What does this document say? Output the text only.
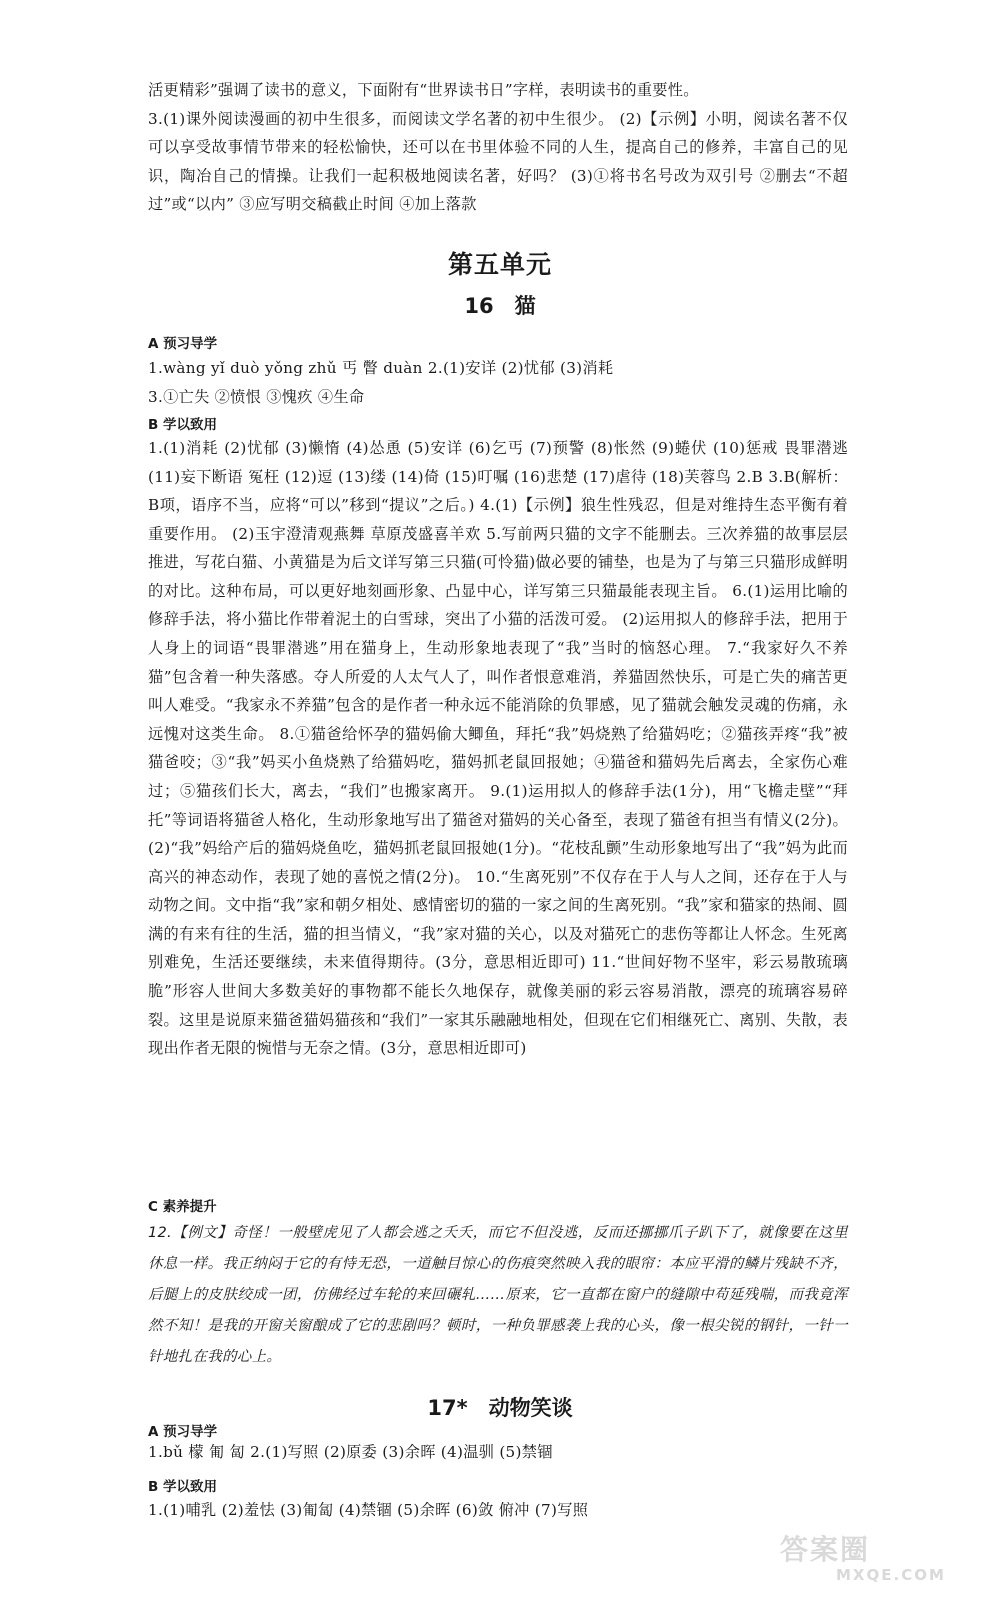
活更精彩”强调了读书的意义，下面附有“世界读书日”字样，表明读书的重要性。
3.(1)课外阅读漫画的初中生很多，而阅读文学名著的初中生很少。 (2)【示例】小明，阅读名著不仅可以享受故事情节带来的轻松愉快，还可以在书里体验不同的人生，提高自己的修养，丰富自己的见识，陶冶自己的情操。让我们一起积极地阅读名著，好吗？ (3)①将书名号改为双引号 ②删去“不超过”或“以内” ③应写明交稿截止时间 ④加上落款

第五单元
16　猫
A 预习导学

1.wàng yǐ duò yǒng zhǔ 丐 瞥 duàn 2.(1)安详 (2)忧郁 (3)消耗
3.①亡失 ②愤恨 ③愧疚 ④生命

B 学以致用

1.(1)消耗 (2)忧郁 (3)懒惰 (4)怂恿 (5)安详 (6)乞丐 (7)预警 (8)怅然 (9)蜷伏 (10)惩戒 畏罪潜逃 (11)妄下断语 冤枉 (12)逗 (13)缕 (14)倚 (15)叮嘱 (16)悲楚 (17)虐待 (18)芙蓉鸟 2.B 3.B(解析：B项，语序不当，应将“可以”移到“提议”之后。) 4.(1)【示例】狼生性残忍，但是对维持生态平衡有着重要作用。 (2)玉宇澄清观燕舞 草原茂盛喜羊欢 5.写前两只猫的文字不能删去。三次养猫的故事层层推进，写花白猫、小黄猫是为后文详写第三只猫(可怜猫)做必要的铺垫，也是为了与第三只猫形成鲜明的对比。这种布局，可以更好地刻画形象、凸显中心，详写第三只猫最能表现主旨。 6.(1)运用比喻的修辞手法，将小猫比作带着泥土的白雪球，突出了小猫的活泼可爱。 (2)运用拟人的修辞手法，把用于人身上的词语“畏罪潜逃”用在猫身上，生动形象地表现了“我”当时的恼怒心理。 7.“我家好久不养猫”包含着一种失落感。夺人所爱的人太气人了，叫作者恨意难消，养猫固然快乐，可是亡失的痛苦更叫人难受。“我家永不养猫”包含的是作者一种永远不能消除的负罪感，见了猫就会触发灵魂的伤痛，永远愧对这类生命。 8.①猫爸给怀孕的猫妈偷大鲫鱼，拜托“我”妈烧熟了给猫妈吃；②猫孩弄疼“我”被猫爸咬；③“我”妈买小鱼烧熟了给猫妈吃，猫妈抓老鼠回报她；④猫爸和猫妈先后离去，全家伤心难过；⑤猫孩们长大，离去，“我们”也搬家离开。 9.(1)运用拟人的修辞手法(1分)，用“飞檐走壁”“拜托”等词语将猫爸人格化，生动形象地写出了猫爸对猫妈的关心备至，表现了猫爸有担当有情义(2分)。 (2)“我”妈给产后的猫妈烧鱼吃，猫妈抓老鼠回报她(1分)。“花枝乱颤”生动形象地写出了“我”妈为此而高兴的神态动作，表现了她的喜悦之情(2分)。 10.“生离死别”不仅存在于人与人之间，还存在于人与动物之间。文中指“我”家和朝夕相处、感情密切的猫的一家之间的生离死别。“我”家和猫家的热闹、圆满的有来有往的生活，猫的担当情义，“我”家对猫的关心，以及对猫死亡的悲伤等都让人怀念。生死离别难免，生活还要继续，未来值得期待。(3分，意思相近即可) 11.“世间好物不坚牢，彩云易散琉璃脆”形容人世间大多数美好的事物都不能长久地保存，就像美丽的彩云容易消散，漂亮的琉璃容易碎裂。这里是说原来猫爸猫妈猫孩和“我们”一家其乐融融地相处，但现在它们相继死亡、离别、失散，表现出作者无限的惋惜与无奈之情。(3分，意思相近即可)

C 素养提升

12.【例文】奇怪！一般壁虎见了人都会逃之夭夭，而它不但没逃，反而还挪挪爪子趴下了，就像要在这里休息一样。我正纳闷于它的有恃无恐，一道触目惊心的伤痕突然映入我的眼帘：本应平滑的鳞片残缺不齐，后腿上的皮肤绞成一团，仿佛经过车轮的来回碾轧……原来，它一直都在窗户的缝隙中苟延残喘，而我竟浑然不知！是我的开窗关窗酿成了它的悲剧吗？顿时，一种负罪感袭上我的心头，像一根尖锐的钢针，一针一针地扎在我的心上。

17*　动物笑谈
A 预习导学

1.bǔ 檬 匍 匐 2.(1)写照 (2)原委 (3)余晖 (4)温驯 (5)禁锢

B 学以致用

1.(1)哺乳 (2)羞怯 (3)匍匐 (4)禁锢 (5)余晖 (6)敛 俯冲 (7)写照

答案圈
MXQE.COM
